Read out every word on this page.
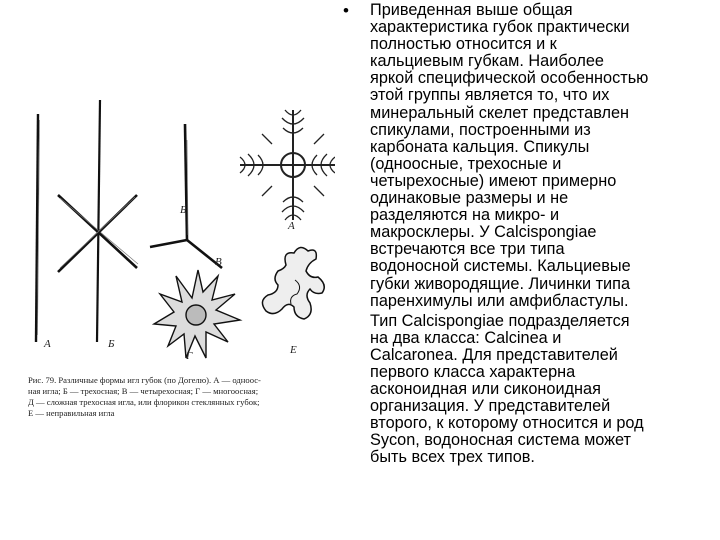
А	Б
Б
А
В
Г	Е
Рис. 79. Различные формы игл губок (по Догелю). А — одноос-
ная игла; Б — трехосная; В — четырехосная; Г — многоосная;
Д — сложная трехосная игла, или флорикон стеклянных губок;
Е — неправильная игла
• Приведенная выше общая
характеристика губок практически
полностью относится и к
кальциевым губкам. Наиболее
яркой специфической особенностью
этой группы является то, что их
минеральный скелет представлен
спикулами, построенными из
карбоната кальция. Спикулы
(одноосные, трехосные и
четырехосные) имеют примерно
одинаковые размеры и не
разделяются на микро- и
макросклеры. У Calcispongiae
встречаются все три типа
водоносной системы. Кальциевые
губки живородящие. Личинки типа
паренхимулы или амфибластулы.
Тип Calcispongiae подразделяется
на два класса: Calcinea и
Calcaronea. Для представителей
первого класса характерна
асконоидная или сиконоидная
организация. У представителей
второго, к которому относится и род
Sycon, водоносная система может
быть всех трех типов.
